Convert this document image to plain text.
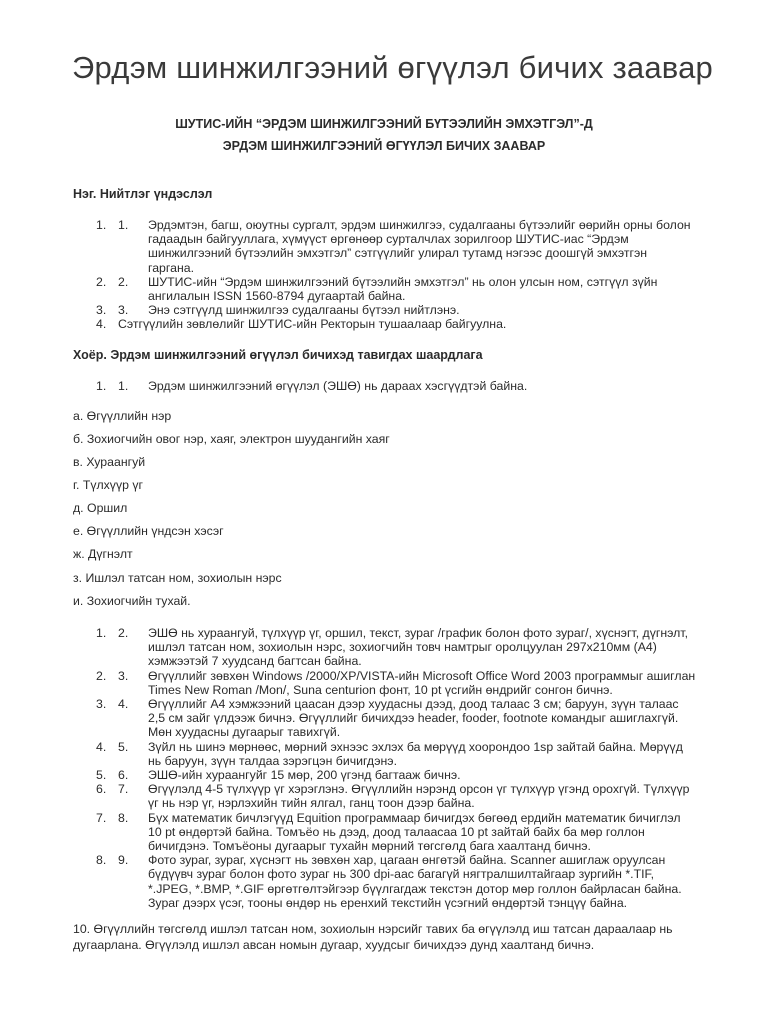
Эрдэм шинжилгээний өгүүлэл бичих заавар

ШУТИС-ИЙН “ЭРДЭМ ШИНЖИЛГЭЭНИЙ БҮТЭЭЛИЙН ЭМХЭТГЭЛ”-Д

ЭРДЭМ ШИНЖИЛГЭЭНИЙ ӨГҮҮЛЭЛ БИЧИХ ЗААВАР

Нэг. Нийтлэг үндэслэл

1. 1. Эрдэмтэн, багш, оюутны сургалт, эрдэм шинжилгээ, судалгааны бүтээлийг өөрийн орны болон гадаадын байгууллага, хүмүүст өргөнөөр сурталчлах зорилгоор ШУТИС-иас “Эрдэм шинжилгээний бүтээлийн эмхэтгэл” сэтгүүлийг улирал тутамд нэгээс доошгүй эмхэтгэн гаргана.
2. 2. ШУТИС-ийн “Эрдэм шинжилгээний бүтээлийн эмхэтгэл” нь олон улсын ном, сэтгүүл зүйн ангилалын ISSN 1560-8794 дугаартай байна.
3. 3. Энэ сэтгүүлд шинжилгээ судалгааны бүтээл нийтлэнэ.
4. Сэтгүүлийн зөвлөлийг ШУТИС-ийн Ректорын тушаалаар байгуулна.

Хоёр. Эрдэм шинжилгээний өгүүлэл бичихэд тавигдах шаардлага

1. 1. Эрдэм шинжилгээний өгүүлэл (ЭШӨ) нь дараах хэсгүүдтэй байна.

а. Өгүүллийн нэр

б. Зохиогчийн овог нэр, хаяг, электрон шуудангийн хаяг

в. Хураангуй

г. Түлхүүр үг

д. Оршил

е. Өгүүллийн үндсэн хэсэг

ж. Дүгнэлт

з. Ишлэл татсан ном, зохиолын нэрс

и. Зохиогчийн тухай.

1. 2. ЭШӨ нь хураангуй, түлхүүр үг, оршил, текст, зураг /график болон фото зураг/, хүснэгт, дүгнэлт, ишлэл татсан ном, зохиолын нэрс, зохиогчийн товч намтрыг оролцуулан 297х210мм (А4) хэмжээтэй 7 хуудсанд багтсан байна.
2. 3. Өгүүллийг зөвхөн Windows /2000/XP/VISTA-ийн Microsoft Office Word 2003 программыг ашиглан Times New Roman /Mon/, Suna centurion фонт, 10 pt үсгийн өндрийг сонгон бичнэ.
3. 4. Өгүүллийг А4 хэмжээний цаасан дээр хуудасны дээд, доод талаас 3 см; баруун, зүүн талаас 2,5 см зайг үлдээж бичнэ. Өгүүллийг бичихдээ header, fooder, footnote командыг ашиглахгүй. Мөн хуудасны дугаарыг тавихгүй.
4. 5. Зүйл нь шинэ мөрнөөс, мөрний эхнээс эхлэх ба мөрүүд хоорондоо 1sp зайтай байна. Мөрүүд нь баруун, зүүн талдаа зэрэгцэн бичигдэнэ.
5. 6. ЭШӨ-ийн хураангуйг 15 мөр, 200 үгэнд багтааж бичнэ.
6. 7. Өгүүлэлд 4-5 түлхүүр үг хэрэглэнэ. Өгүүллийн нэрэнд орсон үг түлхүүр үгэнд орохгүй. Түлхүүр үг нь нэр үг, нэрлэхийн тийн ялгал, ганц тоон дээр байна.
7. 8. Бүх математик бичлэгүүд Equition программаар бичигдэх бөгөөд ердийн математик бичиглэл 10 pt өндөртэй байна. Томъёо нь дээд, доод талаасаа 10 pt зайтай байх ба мөр голлон бичигдэнэ. Томъёоны дугаарыг тухайн мөрний төгсгөлд бага хаалтанд бичнэ.
8. 9. Фото зураг, зураг, хүснэгт нь зөвхөн хар, цагаан өнгөтэй байна. Scanner ашиглаж оруулсан бүдүүвч зураг болон фото зураг нь 300 dpi-аас багагүй нягтралшилтайгаар зургийн *.TIF, *.JPEG, *.BMP, *.GIF өргөтгөлтэйгээр бүүлгагдаж текстэн дотор мөр голлон байрласан байна. Зураг дээрх үсэг, тооны өндөр нь еренхий текстийн үсэгний өндөртэй тэнцүү байна.

10. Өгүүллийн төгсгөлд ишлэл татсан ном, зохиолын нэрсийг тавих ба өгүүлэлд иш татсан дараалаар нь дугаарлана. Өгүүлэлд ишлэл авсан номын дугаар, хуудсыг бичихдээ дунд хаалтанд бичнэ.
